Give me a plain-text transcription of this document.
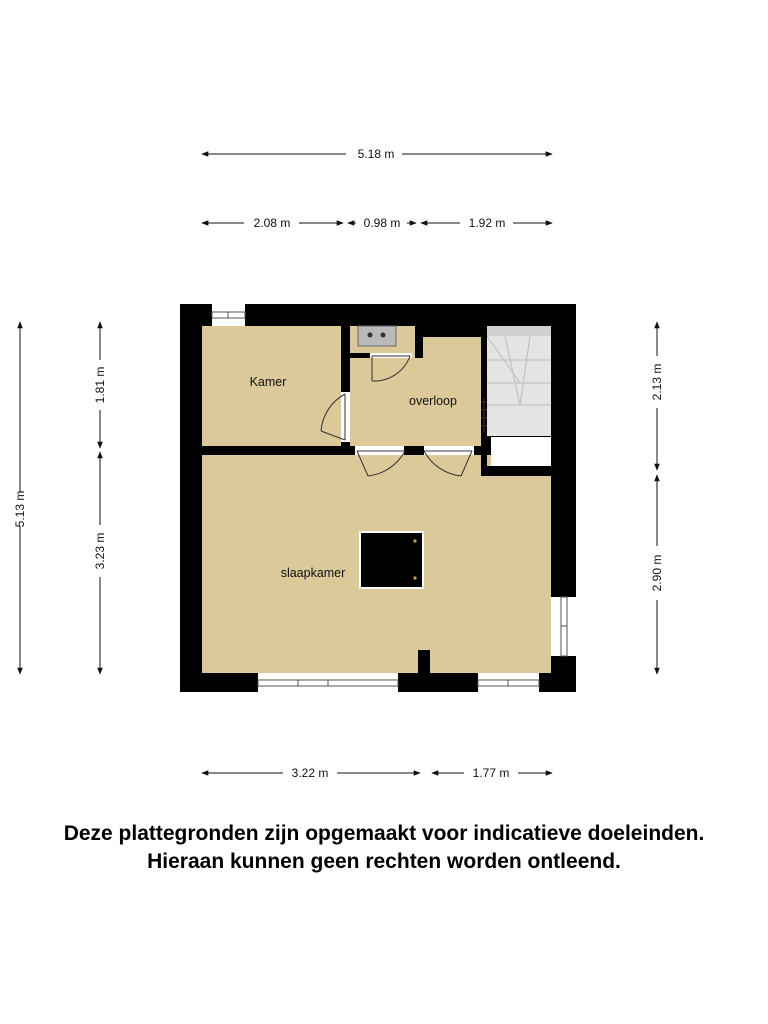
5.18 m
2.08 m	0.98 m	1.92 m
5.13 m
1.81 m
3.23 m
2.13 m
2.90 m
3.22 m	1.77 m
Kamer
overloop
slaapkamer
Deze plattegronden zijn opgemaakt voor indicatieve doeleinden.
Hieraan kunnen geen rechten worden ontleend.
